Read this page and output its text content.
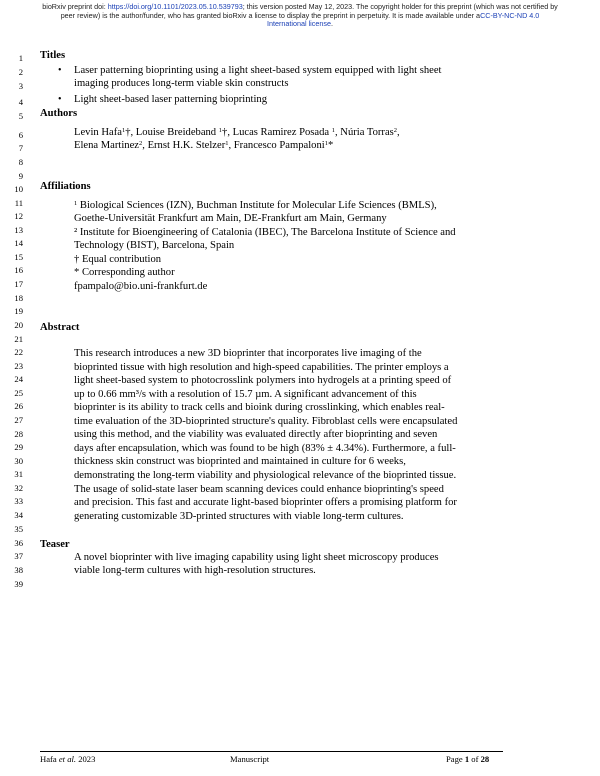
bioRxiv preprint doi: https://doi.org/10.1101/2023.05.10.539793; this version posted May 12, 2023. The copyright holder for this preprint (which was not certified by peer review) is the author/funder, who has granted bioRxiv a license to display the preprint in perpetuity. It is made available under aCC-BY-NC-ND 4.0 International license.
1
2
3
4
5
6
7
8
9
10
11
12
13
14
15
16
17
18
19
20
21
22
23
24
25
26
27
28
29
30
31
32
33
34
35
36
37
38
39
Titles
• Laser patterning bioprinting using a light sheet-based system equipped with light sheet
imaging produces long-term viable skin constructs
• Light sheet-based laser patterning bioprinting
Authors
Levin Hafa$^1$†, Louise Breideband $^1$†, Lucas Ramirez Posada $^1$, Núria Torras$^2$,
Elena Martinez$^2$, Ernst H.K. Stelzer$^1$, Francesco Pampaloni$^1$*
Affiliations
$^1$ Biological Sciences (IZN), Buchman Institute for Molecular Life Sciences (BMLS),
Goethe-Universität Frankfurt am Main, DE-Frankfurt am Main, Germany
² Institute for Bioengineering of Catalonia (IBEC), The Barcelona Institute of Science and
Technology (BIST), Barcelona, Spain
† Equal contribution
* Corresponding author
fpampalo@bio.uni-frankfurt.de
Abstract
This research introduces a new 3D bioprinter that incorporates live imaging of the
bioprinted tissue with high resolution and high-speed capabilities. The printer employs a
light sheet-based system to photocrosslink polymers into hydrogels at a printing speed of
up to 0.66 mm³/s with a resolution of 15.7 µm. A significant advancement of this
bioprinter is its ability to track cells and bioink during crosslinking, which enables real-
time evaluation of the 3D-bioprinted structure's quality. Fibroblast cells were encapsulated
using this method, and the viability was evaluated directly after bioprinting and seven
days after encapsulation, which was found to be high (83% ± 4.34%). Furthermore, a full-
thickness skin construct was bioprinted and maintained in culture for 6 weeks,
demonstrating the long-term viability and physiological relevance of the bioprinted tissue.
The usage of solid-state laser beam scanning devices could enhance bioprinting's speed
and precision. This fast and accurate light-based bioprinter offers a promising platform for
generating customizable 3D-printed structures with viable long-term cultures.
Teaser
A novel bioprinter with live imaging capability using light sheet microscopy produces
viable long-term cultures with high-resolution structures.
Hafa et al. 2023	Manuscript	Page 1 of 28
